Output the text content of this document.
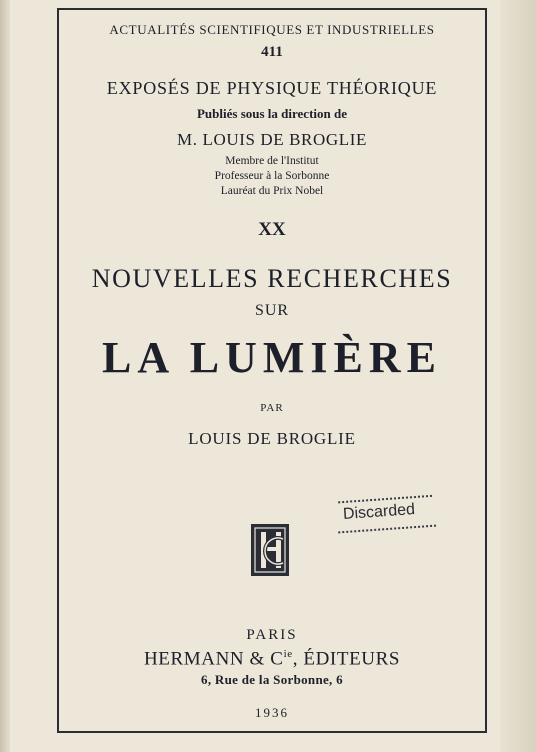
ACTUALITÉS SCIENTIFIQUES ET INDUSTRIELLES
411
EXPOSÉS DE PHYSIQUE THÉORIQUE
Publiés sous la direction de
M. LOUIS DE BROGLIE
Membre de l'Institut
Professeur à la Sorbonne
Lauréat du Prix Nobel
XX
NOUVELLES RECHERCHES
SUR
LA LUMIÈRE
PAR
LOUIS DE BROGLIE
Discarded
PARIS
HERMANN & $C^{ie}$, ÉDITEURS
6, Rue de la Sorbonne, 6
1936
